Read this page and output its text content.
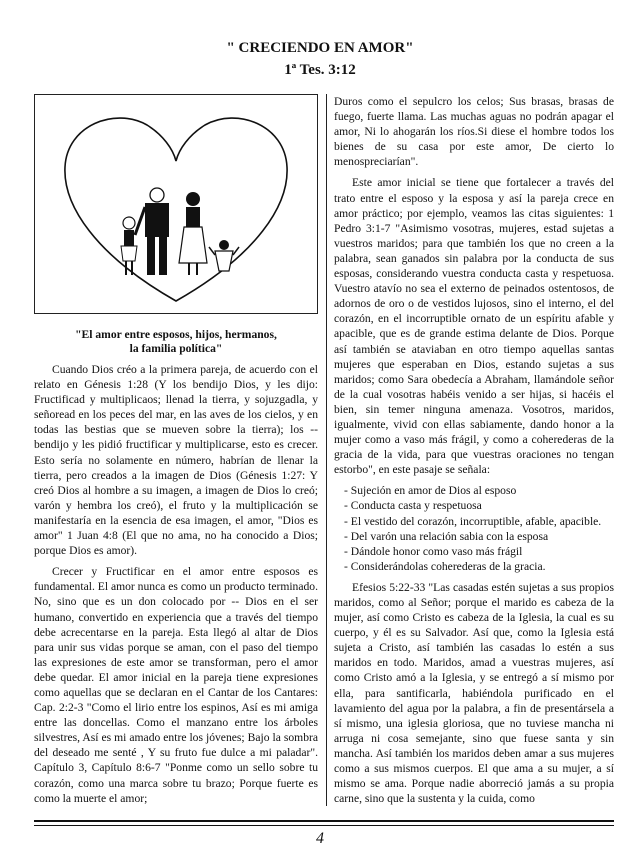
" CRECIENDO EN AMOR"
1ª Tes. 3:12
"El amor entre esposos, hijos, hermanos,
la familia política"

Cuando Dios créo a la primera pareja, de acuerdo con el relato en Génesis 1:28 (Y los bendijo Dios, y les dijo: Fructificad y multiplicaos; llenad la tierra, y sojuzgadla, y señoread en los peces del mar, en las aves de los cielos, y en todas las bestias que se mueven sobre la tierra); los -- bendijo y les pidió fructificar y multiplicarse, esto es crecer. Esto sería no solamente en número, habrían de llenar la tierra, pero creados a la imagen de Dios (Génesis 1:27: Y creó Dios al hombre a su imagen, a imagen de Dios lo creó; varón y hembra los creó), el fruto y la multiplicación se manifestaría en la esencia de esa imagen, el amor, "Dios es amor" 1 Juan 4:8 (El que no ama, no ha conocido a Dios; porque Dios es amor).

Crecer y Fructificar en el amor entre esposos es fundamental. El amor nunca es como un producto terminado. No, sino que es un don colocado por -- Dios en el ser humano, convertido en experiencia que a través del tiempo debe acrecentarse en la pareja. Esta llegó al altar de Dios para unir sus vidas porque se aman, con el paso del tiempo las expresiones de este amor se transforman, pero el amor debe quedar. El amor inicial en la pareja tiene expresiones como aquellas que se declaran en el Cantar de los Cantares: Cap. 2:2-3 "Como el lirio entre los espinos, Así es mi amiga entre las doncellas. Como el manzano entre los árboles silvestres, Así es mi amado entre los jóvenes; Bajo la sombra del deseado me senté , Y su fruto fue dulce a mi paladar". Capítulo 3, Capítulo 8:6-7 "Ponme como un sello sobre tu corazón, como una marca sobre tu brazo; Porque fuerte es como la muerte el amor;

Duros como el sepulcro los celos; Sus brasas, brasas de fuego, fuerte llama. Las muchas aguas no podrán apagar el amor, Ni lo ahogarán los ríos.Si diese el hombre todos los bienes de su casa por este amor, De cierto lo menospreciarían".

Este amor inicial se tiene que fortalecer a través del trato entre el esposo y la esposa y así la pareja crece en amor práctico; por ejemplo, veamos las citas siguientes: 1 Pedro 3:1-7 "Asimismo vosotras, mujeres, estad sujetas a vuestros maridos; para que también los que no creen a la palabra, sean ganados sin palabra por la conducta de sus esposas, considerando vuestra conducta casta y respetuosa. Vuestro atavío no sea el externo de peinados ostentosos, de adornos de oro o de vestidos lujosos, sino el interno, el del corazón, en el incorruptible ornato de un espíritu afable y apacible, que es de grande estima delante de Dios. Porque así también se ataviaban en otro tiempo aquellas santas mujeres que esperaban en Dios, estando sujetas a sus maridos; como Sara obedecía a Abraham, llamándole señor de la cual vosotras habéis venido a ser hijas, si hacéis el bien, sin temer ninguna amenaza. Vosotros, maridos, igualmente, vivid con ellas sabiamente, dando honor a la mujer como a vaso más frágil, y como a coherederas de la gracia de la vida, para que vuestras oraciones no tengan estorbo", en este pasaje se señala:

- Sujeción en amor de Dios al esposo
- Conducta casta y respetuosa
- El vestido del corazón, incorruptible, afable, apacible.
- Del varón una relación sabia con la esposa
- Dándole honor como vaso más frágil
- Considerándolas coherederas de la gracia.

Efesios 5:22-33 "Las casadas estén sujetas a sus propios maridos, como al Señor; porque el marido es cabeza de la mujer, así como Cristo es cabeza de la Iglesia, la cual es su cuerpo, y él es su Salvador. Así que, como la Iglesia está sujeta a Cristo, así también las casadas lo estén a sus maridos en todo. Maridos, amad a vuestras mujeres, así como Cristo amó a la Iglesia, y se entregó a sí mismo por ella, para santificarla, habiéndola purificado en el lavamiento del agua por la palabra, a fin de presentársela a sí mismo, una iglesia gloriosa, que no tuviese mancha ni arruga ni cosa semejante, sino que fuese santa y sin mancha. Así también los maridos deben amar a sus mujeres como a sus mismos cuerpos. El que ama a su mujer, a sí mismo se ama. Porque nadie aborreció jamás a su propia carne, sino que la sustenta y la cuida, como

4
